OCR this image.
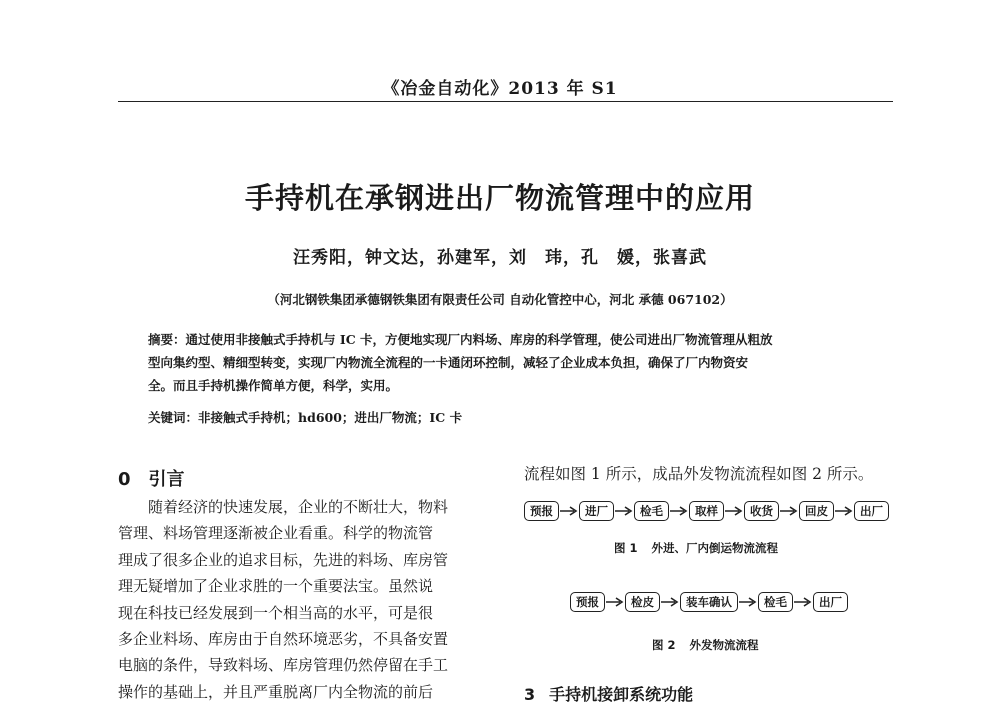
《冶金自动化》2013 年 S1
手持机在承钢进出厂物流管理中的应用
汪秀阳，钟文达，孙建军，刘　玮，孔　媛，张喜武
（河北钢铁集团承德钢铁集团有限责任公司 自动化管控中心，河北 承德 067102）
摘要：通过使用非接触式手持机与 IC 卡，方便地实现厂内料场、库房的科学管理，使公司进出厂物流管理从粗放
型向集约型、精细型转变，实现厂内物流全流程的一卡通闭环控制，减轻了企业成本负担，确保了厂内物资安
全。而且手持机操作简单方便，科学，实用。
关键词：非接触式手持机；hd600；进出厂物流；IC 卡
0 引言
随着经济的快速发展，企业的不断壮大，物料
管理、料场管理逐渐被企业看重。科学的物流管
理成了很多企业的追求目标，先进的料场、库房管
理无疑增加了企业求胜的一个重要法宝。虽然说
现在科技已经发展到一个相当高的水平，可是很
多企业料场、库房由于自然环境恶劣，不具备安置
电脑的条件，导致料场、库房管理仍然停留在手工
操作的基础上，并且严重脱离厂内全物流的前后
流程如图 1 所示，成品外发物流流程如图 2 所示。
预报	进厂	检毛	取样	收货	回皮	出厂
图 1 外进、厂内倒运物流流程
预报	检皮	装车确认	检毛	出厂
图 2 外发物流流程
3 手持机接卸系统功能
